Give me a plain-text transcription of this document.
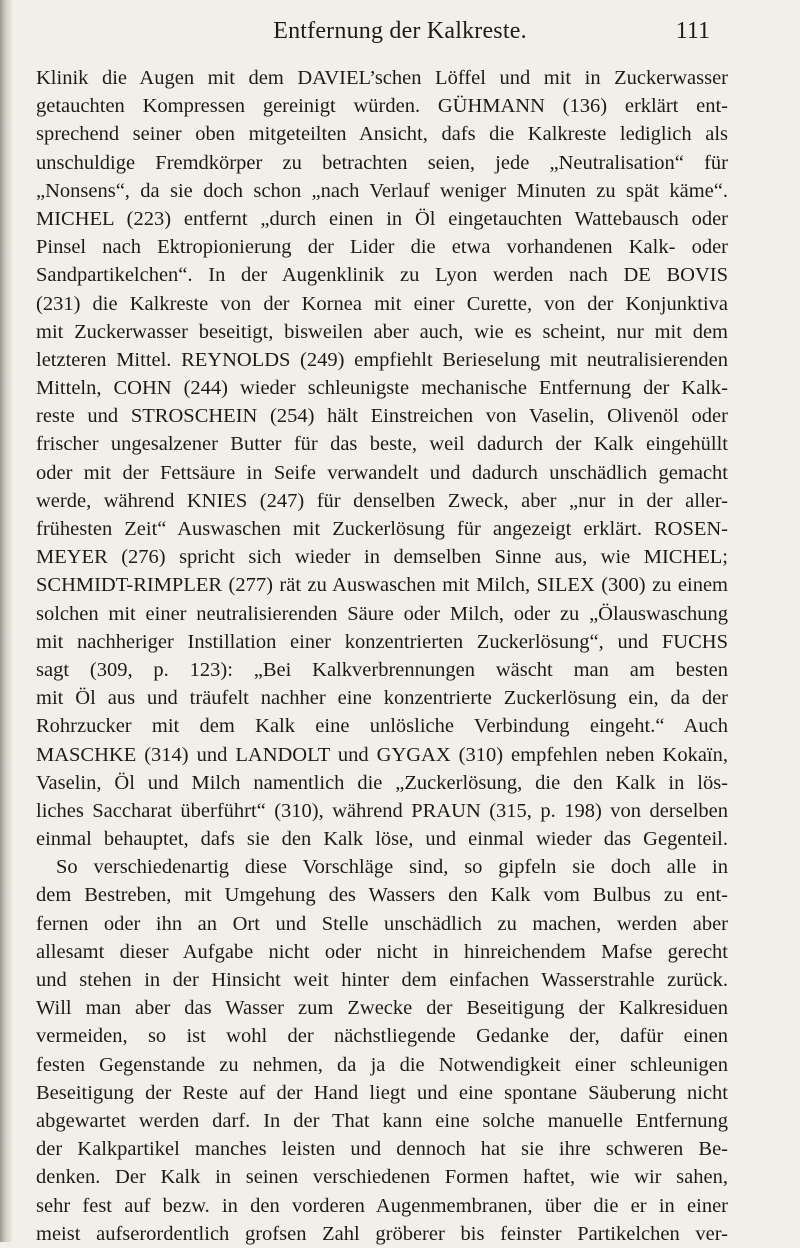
Entfernung der Kalkreste.	111
Klinik die Augen mit dem DAVIEL’schen Löffel und mit in Zuckerwasser
getauchten Kompressen gereinigt würden. GÜHMANN (136) erklärt ent-
sprechend seiner oben mitgeteilten Ansicht, dafs die Kalkreste lediglich als
unschuldige Fremdkörper zu betrachten seien, jede „Neutralisation“ für
„Nonsens“, da sie doch schon „nach Verlauf weniger Minuten zu spät käme“.
MICHEL (223) entfernt „durch einen in Öl eingetauchten Wattebausch oder
Pinsel nach Ektropionierung der Lider die etwa vorhandenen Kalk- oder
Sandpartikelchen“. In der Augenklinik zu Lyon werden nach DE BOVIS
(231) die Kalkreste von der Kornea mit einer Curette, von der Konjunktiva
mit Zuckerwasser beseitigt, bisweilen aber auch, wie es scheint, nur mit dem
letzteren Mittel. REYNOLDS (249) empfiehlt Berieselung mit neutralisierenden
Mitteln, COHN (244) wieder schleunigste mechanische Entfernung der Kalk-
reste und STROSCHEIN (254) hält Einstreichen von Vaselin, Olivenöl oder
frischer ungesalzener Butter für das beste, weil dadurch der Kalk eingehüllt
oder mit der Fettsäure in Seife verwandelt und dadurch unschädlich gemacht
werde, während KNIES (247) für denselben Zweck, aber „nur in der aller-
frühesten Zeit“ Auswaschen mit Zuckerlösung für angezeigt erklärt. ROSEN-
MEYER (276) spricht sich wieder in demselben Sinne aus, wie MICHEL;
SCHMIDT-RIMPLER (277) rät zu Auswaschen mit Milch, SILEX (300) zu einem
solchen mit einer neutralisierenden Säure oder Milch, oder zu „Ölauswaschung
mit nachheriger Instillation einer konzentrierten Zuckerlösung“, und FUCHS
sagt (309, p. 123): „Bei Kalkverbrennungen wäscht man am besten
mit Öl aus und träufelt nachher eine konzentrierte Zuckerlösung ein, da der
Rohrzucker mit dem Kalk eine unlösliche Verbindung eingeht.“ Auch
MASCHKE (314) und LANDOLT und GYGAX (310) empfehlen neben Kokaïn,
Vaselin, Öl und Milch namentlich die „Zuckerlösung, die den Kalk in lös-
liches Saccharat überführt“ (310), während PRAUN (315, p. 198) von derselben
einmal behauptet, dafs sie den Kalk löse, und einmal wieder das Gegenteil.
So verschiedenartig diese Vorschläge sind, so gipfeln sie doch alle in
dem Bestreben, mit Umgehung des Wassers den Kalk vom Bulbus zu ent-
fernen oder ihn an Ort und Stelle unschädlich zu machen, werden aber
allesamt dieser Aufgabe nicht oder nicht in hinreichendem Mafse gerecht
und stehen in der Hinsicht weit hinter dem einfachen Wasserstrahle zurück.
Will man aber das Wasser zum Zwecke der Beseitigung der Kalkresiduen
vermeiden, so ist wohl der nächstliegende Gedanke der, dafür einen
festen Gegenstande zu nehmen, da ja die Notwendigkeit einer schleunigen
Beseitigung der Reste auf der Hand liegt und eine spontane Säuberung nicht
abgewartet werden darf. In der That kann eine solche manuelle Entfernung
der Kalkpartikel manches leisten und dennoch hat sie ihre schweren Be-
denken. Der Kalk in seinen verschiedenen Formen haftet, wie wir sahen,
sehr fest auf bezw. in den vorderen Augenmembranen, über die er in einer
meist aufserordentlich grofsen Zahl gröberer bis feinster Partikelchen ver-
